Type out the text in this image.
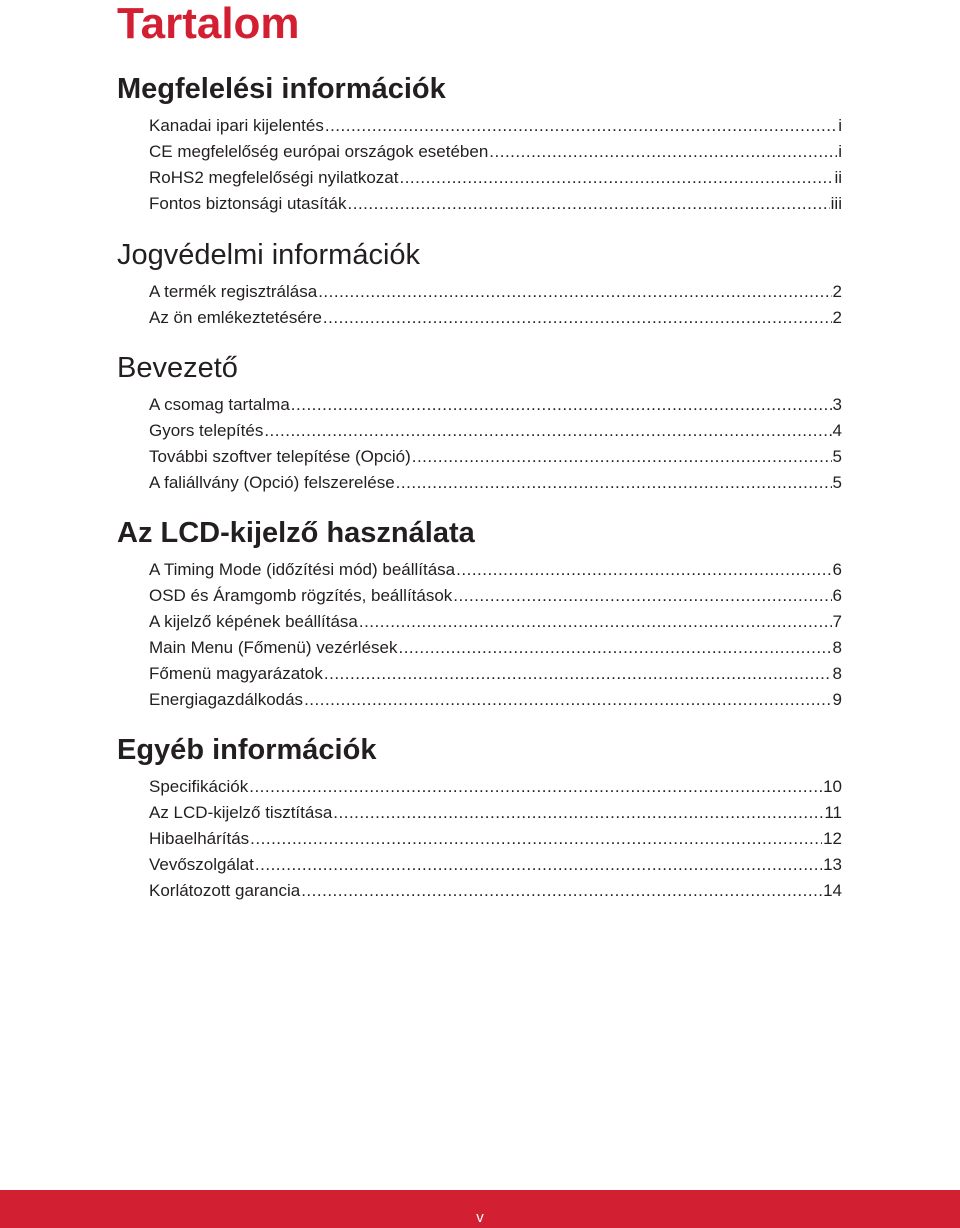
Tartalom
Megfelelési információk
Kanadai ipari kijelentés .....	i
CE megfelelőség európai országok esetében .....	i
RoHS2 megfelelőségi nyilatkozat .....	ii
Fontos biztonsági utasíták .....	iii
Jogvédelmi információk
A termék regisztrálása .....	2
Az ön emlékeztetésére .....	2
Bevezető
A csomag tartalma .....	3
Gyors telepítés .....	4
További szoftver telepítése (Opció) .....	5
A faliállvány (Opció) felszerelése .....	5
Az LCD-kijelző használata
A Timing Mode (időzítési mód) beállítása .....	6
OSD és Áramgomb rögzítés, beállítások .....	6
A kijelző képének beállítása .....	7
Main Menu (Főmenü) vezérlések .....	8
Főmenü magyarázatok .....	8
Energiagazdálkodás .....	9
Egyéb információk
Specifikációk .....	10
Az LCD-kijelző tisztítása .....	11
Hibaelhárítás .....	12
Vevőszolgálat .....	13
Korlátozott garancia .....	14
v
